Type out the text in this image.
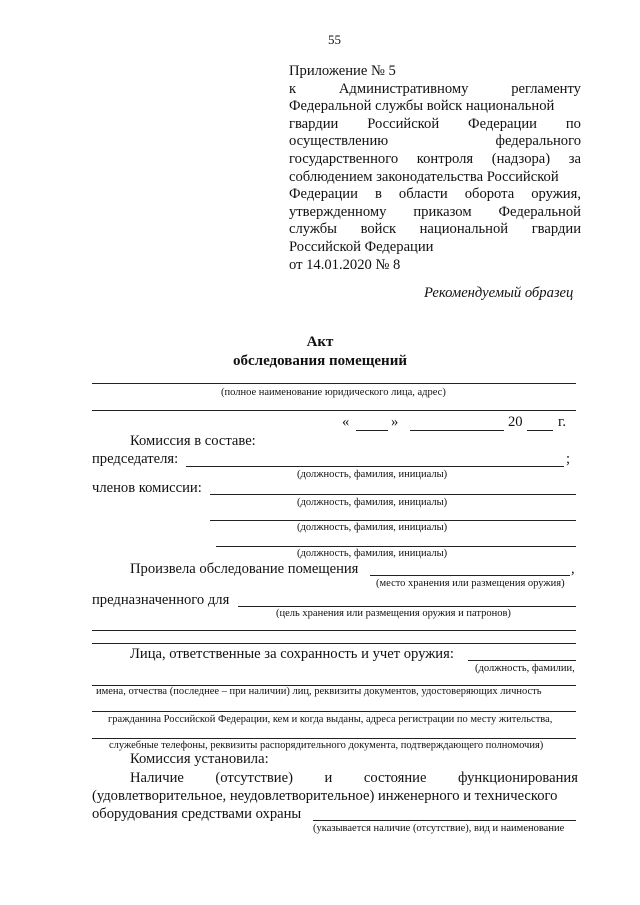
55
Приложение № 5
к	Административному	регламенту
Федеральной службы войск национальной
гвардии Российской Федерации по
осуществлению	федерального
государственного контроля (надзора) за
соблюдением законодательства Российской
Федерации в области оборота оружия,
утвержденному приказом Федеральной
службы войск национальной гвардии
Российской Федерации
от 14.01.2020 № 8
Рекомендуемый образец
Акт
обследования помещений
(полное наименование юридического лица, адрес)
«	»	20 г.
Комиссия в составе:
председателя:	;
(должность, фамилия, инициалы)
членов комиссии:
(должность, фамилия, инициалы)
(должность, фамилия, инициалы)
(должность, фамилия, инициалы)
Произвела обследование помещения	,
(место хранения или размещения оружия)
предназначенного для
(цель хранения или размещения оружия и патронов)
Лица, ответственные за сохранность и учет оружия:
(должность, фамилии,
имена, отчества (последнее – при наличии) лиц, реквизиты документов, удостоверяющих личность
гражданина Российской Федерации, кем и когда выданы, адреса регистрации по месту жительства,
служебные телефоны, реквизиты распорядительного документа, подтверждающего полномочия)
Комиссия установила:
Наличие (отсутствие) и состояние функционирования
(удовлетворительное, неудовлетворительное) инженерного и технического
оборудования средствами охраны
(указывается наличие (отсутствие), вид и наименование
